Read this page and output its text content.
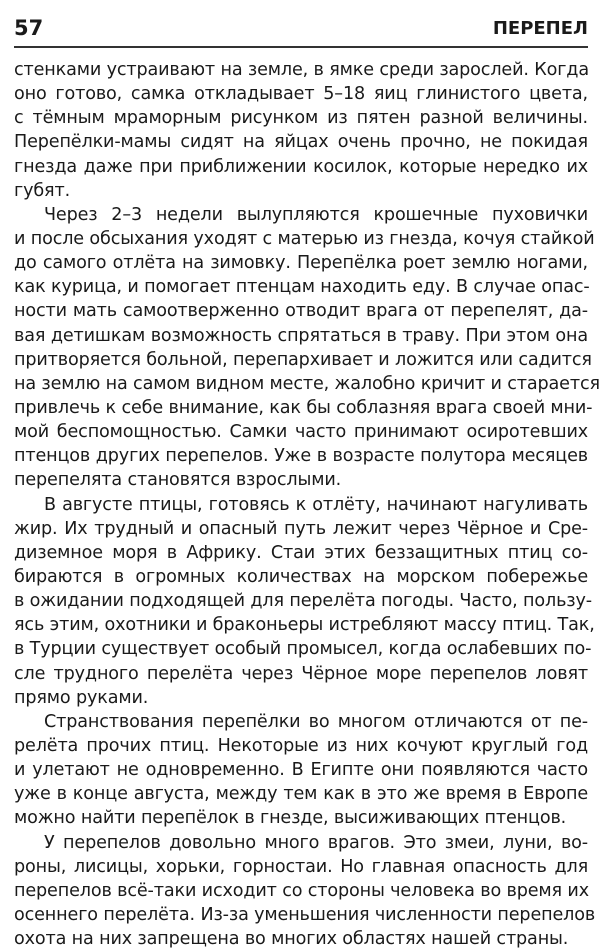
57	ПЕРЕПЕЛ
стенками устраивают на земле, в ямке среди зарослей. Когда
оно готово, самка откладывает 5–18 яиц глинистого цвета,
с тёмным мраморным рисунком из пятен разной величины.
Перепёлки-мамы сидят на яйцах очень прочно, не покидая
гнезда даже при приближении косилок, которые нередко их
губят.
Через 2–3 недели вылупляются крошечные пуховички
и после обсыхания уходят с матерью из гнезда, кочуя стайкой
до самого отлёта на зимовку. Перепёлка роет землю ногами,
как курица, и помогает птенцам находить еду. В случае опас-
ности мать самоотверженно отводит врага от перепелят, да-
вая детишкам возможность спрятаться в траву. При этом она
притворяется больной, перепархивает и ложится или садится
на землю на самом видном месте, жалобно кричит и старается
привлечь к себе внимание, как бы соблазняя врага своей мни-
мой беспомощностью. Самки часто принимают осиротевших
птенцов других перепелов. Уже в возрасте полутора месяцев
перепелята становятся взрослыми.
В августе птицы, готовясь к отлёту, начинают нагуливать
жир. Их трудный и опасный путь лежит через Чёрное и Сре-
диземное моря в Африку. Стаи этих беззащитных птиц со-
бираются в огромных количествах на морском побережье
в ожидании подходящей для перелёта погоды. Часто, пользу-
ясь этим, охотники и браконьеры истребляют массу птиц. Так,
в Турции существует особый промысел, когда ослабевших по-
сле трудного перелёта через Чёрное море перепелов ловят
прямо руками.
Странствования перепёлки во многом отличаются от пе-
релёта прочих птиц. Некоторые из них кочуют круглый год
и улетают не одновременно. В Египте они появляются часто
уже в конце августа, между тем как в это же время в Европе
можно найти перепёлок в гнезде, высиживающих птенцов.
У перепелов довольно много врагов. Это змеи, луни, во-
роны, лисицы, хорьки, горностаи. Но главная опасность для
перепелов всё-таки исходит со стороны человека во время их
осеннего перелёта. Из-за уменьшения численности перепелов
охота на них запрещена во многих областях нашей страны.
